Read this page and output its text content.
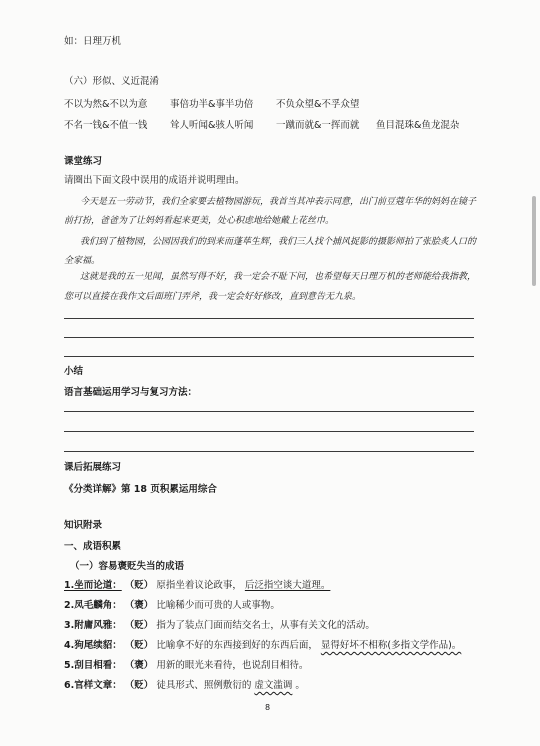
如：日理万机
（六）形似、义近混淆
不以为然&不以为意 事倍功半&事半功倍 不负众望&不孚众望
不名一钱&不值一钱 耸人听闻&骇人听闻 一蹴而就&一挥而就 鱼目混珠&鱼龙混杂
课堂练习
请圈出下面文段中误用的成语并说明理由。
今天是五一劳动节，我们全家要去植物园游玩，我首当其冲表示同意，出门前豆蔻年华的妈妈在镜子
前打扮，爸爸为了让妈妈看起来更美，处心积虑地给她戴上花丝巾。
我们到了植物园，公园因我们的到来而蓬荜生辉，我们三人找个捕风捉影的摄影师拍了张脍炙人口的
全家福。
这就是我的五一见闻，虽然写得不好，我一定会不耻下问，也希望每天日理万机的老师能给我指教，
您可以直接在我作文后面班门弄斧，我一定会好好修改，直到意告无九泉。
小结
语言基础运用学习与复习方法：
课后拓展练习
《分类详解》第 18 页积累运用综合
知识附录
一、成语积累
（一）容易褒贬失当的成语
1.坐而论道： （贬） 原指坐着议论政事， 后泛指空谈大道理。
2.凤毛麟角： （褒） 比喻稀少而可贵的人或事物。
3.附庸风雅： （贬） 指为了装点门面而结交名士，从事有关文化的活动。
4.狗尾续貂： （贬） 比喻拿不好的东西接到好的东西后面， 显得好坏不相称(多指文学作品)。
5.刮目相看： （褒） 用新的眼光来看待，也说刮目相待。
6.官样文章： （贬） 徒具形式、照例敷衍的 虚文滥调 。
8
